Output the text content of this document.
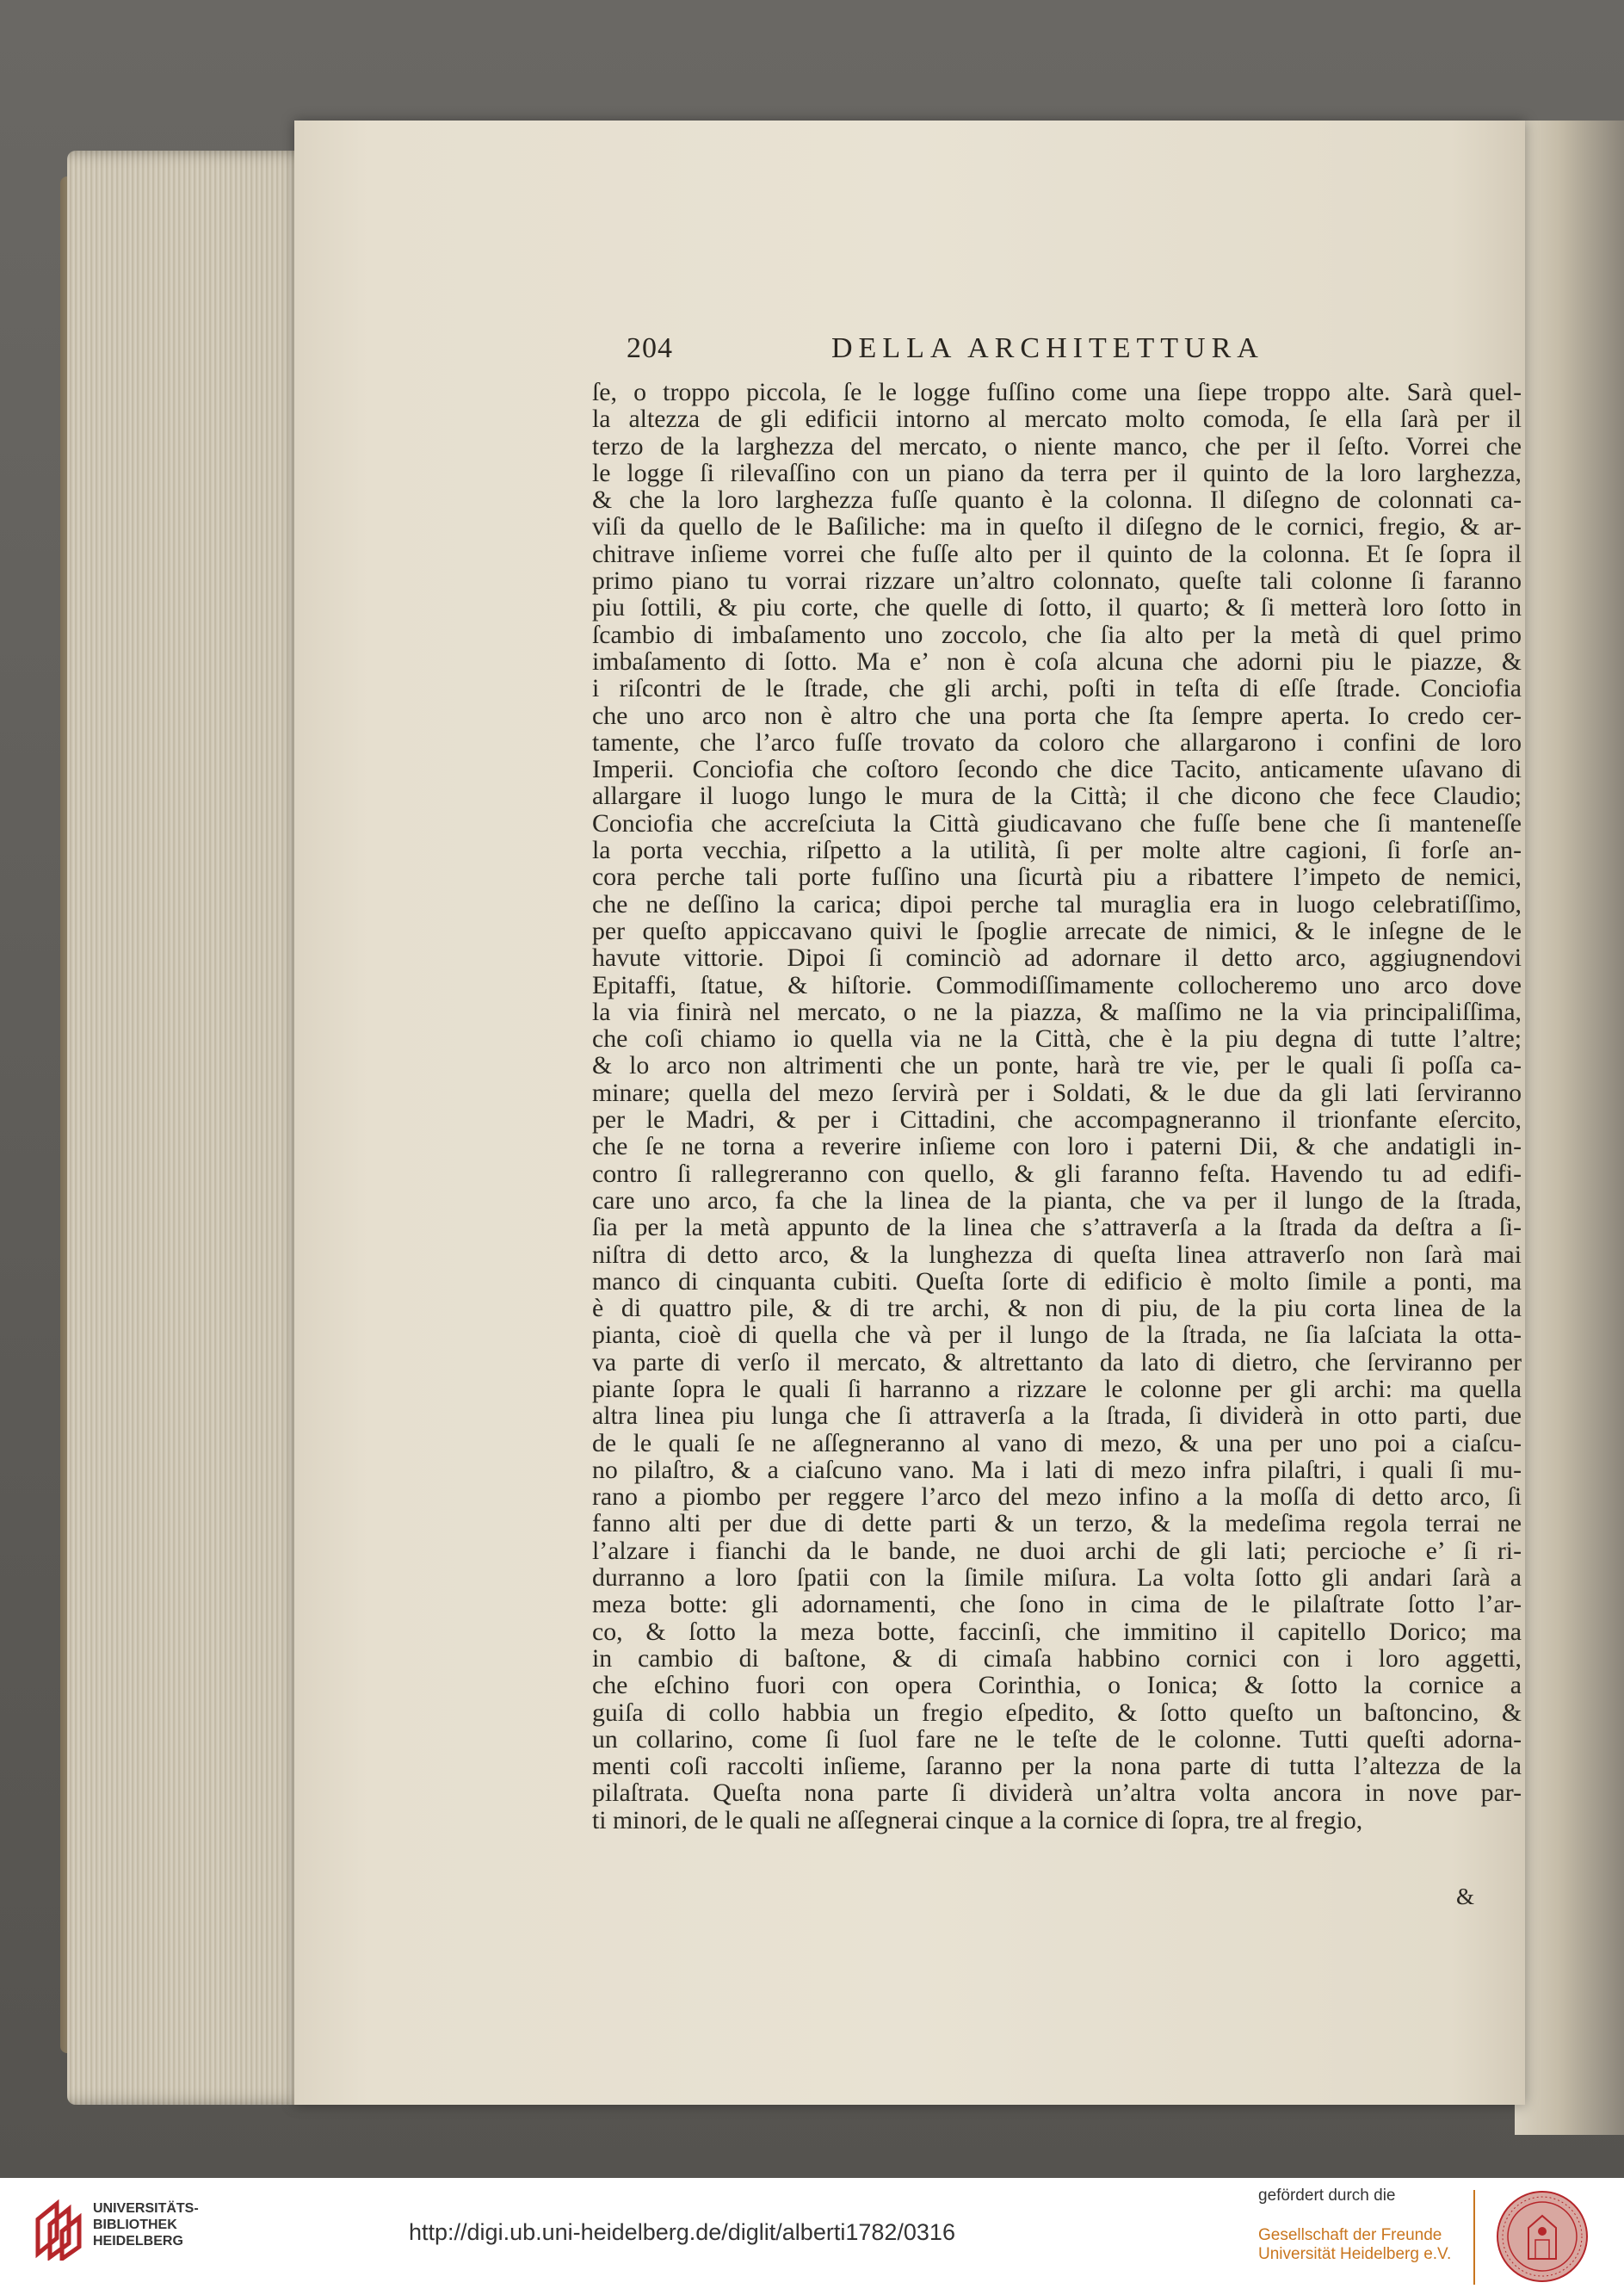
204	DELLA ARCHITETTURA
ſe, o troppo piccola, ſe le logge fuſſino come una ſiepe troppo alte. Sarà quel-
la altezza de gli edificii intorno al mercato molto comoda, ſe ella ſarà per il
terzo de la larghezza del mercato, o niente manco, che per il ſeſto. Vorrei che
le logge ſi rilevaſſino con un piano da terra per il quinto de la loro larghezza,
& che la loro larghezza fuſſe quanto è la colonna. Il diſegno de colonnati ca-
viſi da quello de le Baſiliche: ma in queſto il diſegno de le cornici, fregio, & ar-
chitrave inſieme vorrei che fuſſe alto per il quinto de la colonna. Et ſe ſopra il
primo piano tu vorrai rizzare un’altro colonnato, queſte tali colonne ſi faranno
piu ſottili, & piu corte, che quelle di ſotto, il quarto; & ſi metterà loro ſotto in
ſcambio di imbaſamento uno zoccolo, che ſia alto per la metà di quel primo
imbaſamento di ſotto. Ma e’ non è coſa alcuna che adorni piu le piazze, &
i riſcontri de le ſtrade, che gli archi, poſti in teſta di eſſe ſtrade. Conciofia
che uno arco non è altro che una porta che ſta ſempre aperta. Io credo cer-
tamente, che l’arco fuſſe trovato da coloro che allargarono i confini de loro
Imperii. Conciofia che coſtoro ſecondo che dice Tacito, anticamente uſavano di
allargare il luogo lungo le mura de la Città; il che dicono che fece Claudio;
Conciofia che accreſciuta la Città giudicavano che fuſſe bene che ſi manteneſſe
la porta vecchia, riſpetto a la utilità, ſi per molte altre cagioni, ſi forſe an-
cora perche tali porte fuſſino una ſicurtà piu a ribattere l’impeto de nemici,
che ne deſſino la carica; dipoi perche tal muraglia era in luogo celebratiſſimo,
per queſto appiccavano quivi le ſpoglie arrecate de nimici, & le inſegne de le
havute vittorie. Dipoi ſi cominciò ad adornare il detto arco, aggiugnendovi
Epitaffi, ſtatue, & hiſtorie. Commodiſſimamente collocheremo uno arco dove
la via finirà nel mercato, o ne la piazza, & maſſimo ne la via principaliſſima,
che coſi chiamo io quella via ne la Città, che è la piu degna di tutte l’altre;
& lo arco non altrimenti che un ponte, harà tre vie, per le quali ſi poſſa ca-
minare; quella del mezo ſervirà per i Soldati, & le due da gli lati ſerviranno
per le Madri, & per i Cittadini, che accompagneranno il trionfante eſercito,
che ſe ne torna a reverire inſieme con loro i paterni Dii, & che andatigli in-
contro ſi rallegreranno con quello, & gli faranno feſta. Havendo tu ad edifi-
care uno arco, fa che la linea de la pianta, che va per il lungo de la ſtrada,
ſia per la metà appunto de la linea che s’attraverſa a la ſtrada da deſtra a ſi-
niſtra di detto arco, & la lunghezza di queſta linea attraverſo non ſarà mai
manco di cinquanta cubiti. Queſta ſorte di edificio è molto ſimile a ponti, ma
è di quattro pile, & di tre archi, & non di piu, de la piu corta linea de la
pianta, cioè di quella che và per il lungo de la ſtrada, ne ſia laſciata la otta-
va parte di verſo il mercato, & altrettanto da lato di dietro, che ſerviranno per
piante ſopra le quali ſi harranno a rizzare le colonne per gli archi: ma quella
altra linea piu lunga che ſi attraverſa a la ſtrada, ſi dividerà in otto parti, due
de le quali ſe ne aſſegneranno al vano di mezo, & una per uno poi a ciaſcu-
no pilaſtro, & a ciaſcuno vano. Ma i lati di mezo infra pilaſtri, i quali ſi mu-
rano a piombo per reggere l’arco del mezo infino a la moſſa di detto arco, ſi
fanno alti per due di dette parti & un terzo, & la medeſima regola terrai ne
l’alzare i fianchi da le bande, ne duoi archi de gli lati; percioche e’ ſi ri-
durranno a loro ſpatii con la ſimile miſura. La volta ſotto gli andari ſarà a
meza botte: gli adornamenti, che ſono in cima de le pilaſtrate ſotto l’ar-
co, & ſotto la meza botte, faccinſi, che immitino il capitello Dorico; ma
in cambio di baſtone, & di cimaſa habbino cornici con i loro aggetti,
che eſchino fuori con opera Corinthia, o Ionica; & ſotto la cornice a
guiſa di collo habbia un fregio eſpedito, & ſotto queſto un baſtoncino, &
un collarino, come ſi ſuol fare ne le teſte de le colonne. Tutti queſti adorna-
menti coſi raccolti inſieme, ſaranno per la nona parte di tutta l’altezza de la
pilaſtrata. Queſta nona parte ſi dividerà un’altra volta ancora in nove par-
ti minori, de le quali ne aſſegnerai cinque a la cornice di ſopra, tre al fregio,
&
UNIVERSITÄTS-
BIBLIOTHEK
HEIDELBERG	http://digi.ub.uni-heidelberg.de/diglit/alberti1782/0316
gefördert durch die
Gesellschaft der Freunde
Universität Heidelberg e.V.
